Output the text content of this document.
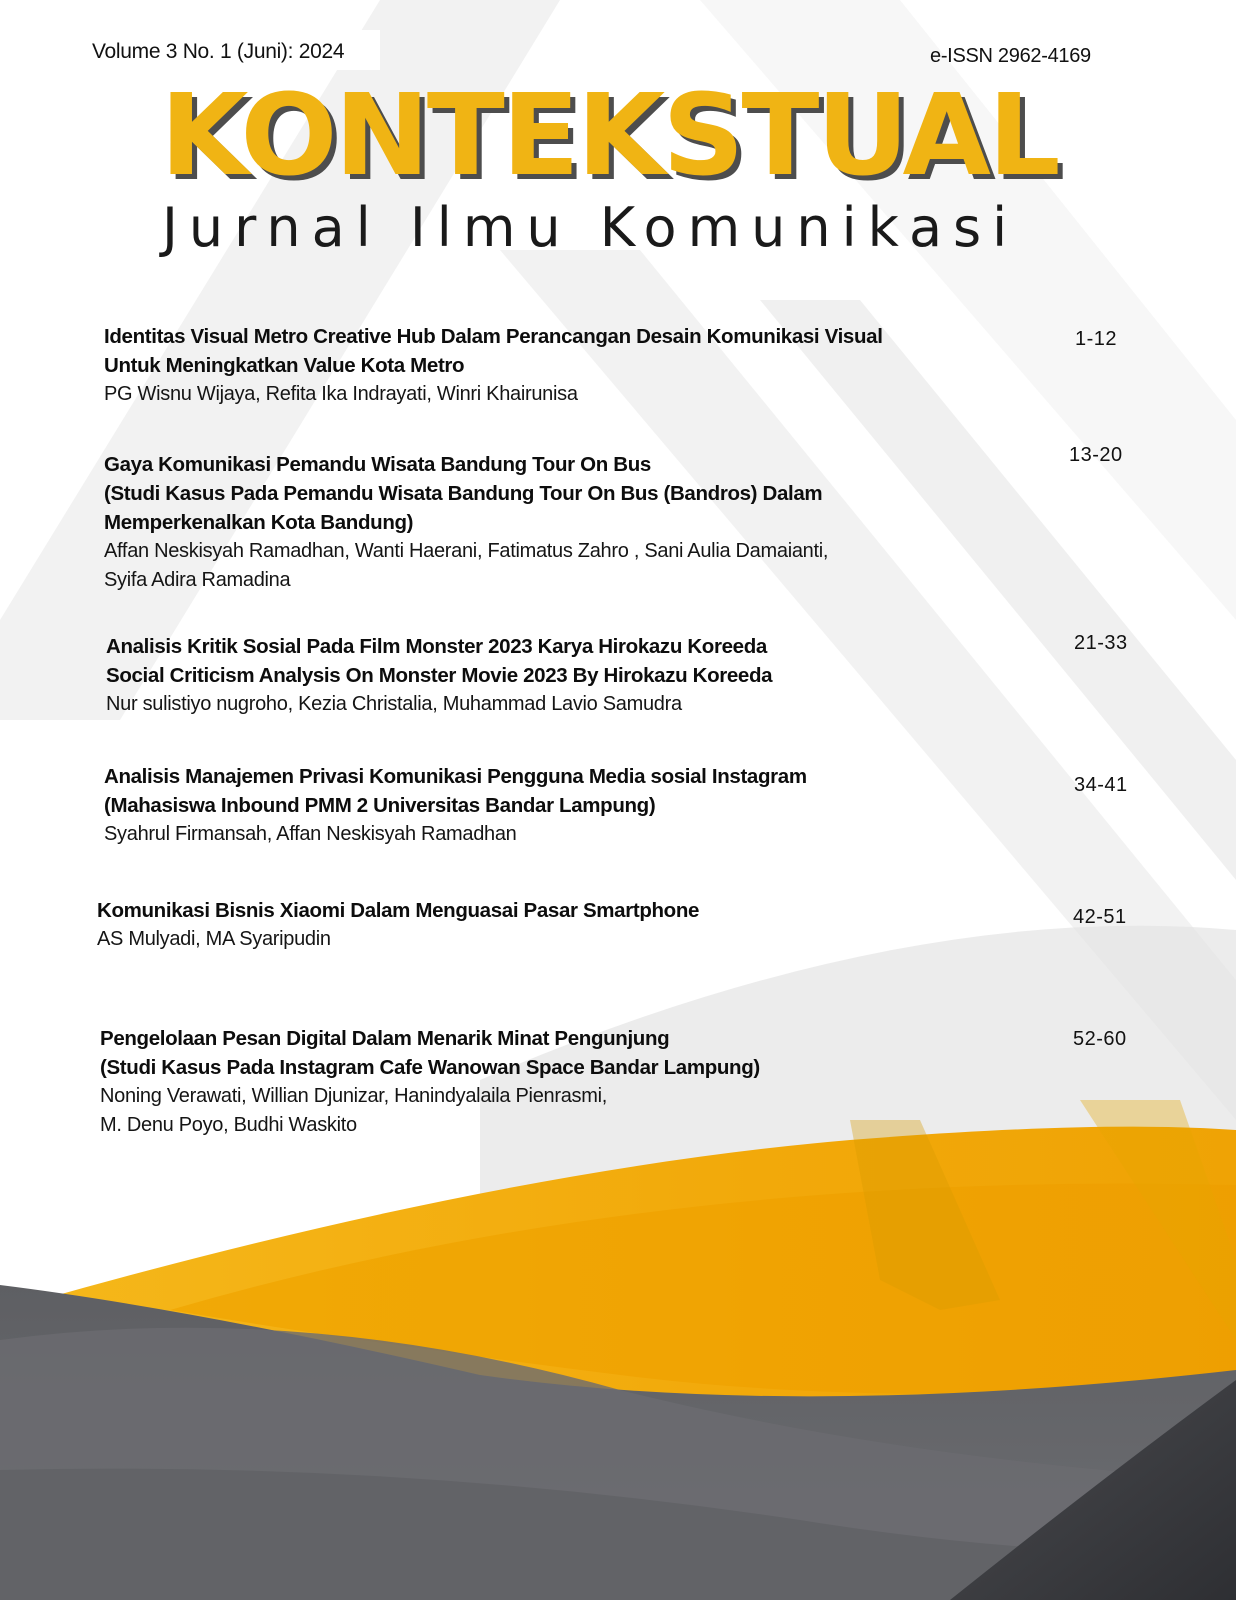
Volume 3 No. 1 (Juni): 2024	e-ISSN 2962-4169
KONTEKSTUAL
Jurnal Ilmu Komunikasi
Identitas Visual Metro Creative Hub Dalam Perancangan Desain Komunikasi Visual
Untuk Meningkatkan Value Kota Metro
PG Wisnu Wijaya, Refita Ika Indrayati, Winri Khairunisa
1-12
Gaya Komunikasi Pemandu Wisata Bandung Tour On Bus
(Studi Kasus Pada Pemandu Wisata Bandung Tour On Bus (Bandros) Dalam
Memperkenalkan Kota Bandung)
Affan Neskisyah Ramadhan, Wanti Haerani, Fatimatus Zahro , Sani Aulia Damaianti,
Syifa Adira Ramadina
13-20
Analisis Kritik Sosial Pada Film Monster 2023 Karya Hirokazu Koreeda
Social Criticism Analysis On Monster Movie 2023 By Hirokazu Koreeda
Nur sulistiyo nugroho, Kezia Christalia, Muhammad Lavio Samudra
21-33
Analisis Manajemen Privasi Komunikasi Pengguna Media sosial Instagram
(Mahasiswa Inbound PMM 2 Universitas Bandar Lampung)
Syahrul Firmansah, Affan Neskisyah Ramadhan
34-41
Komunikasi Bisnis Xiaomi Dalam Menguasai Pasar Smartphone
AS Mulyadi, MA Syaripudin
42-51
Pengelolaan Pesan Digital Dalam Menarik Minat Pengunjung
(Studi Kasus Pada Instagram Cafe Wanowan Space Bandar Lampung)
Noning Verawati, Willian Djunizar, Hanindyalaila Pienrasmi,
M. Denu Poyo, Budhi Waskito
52-60
